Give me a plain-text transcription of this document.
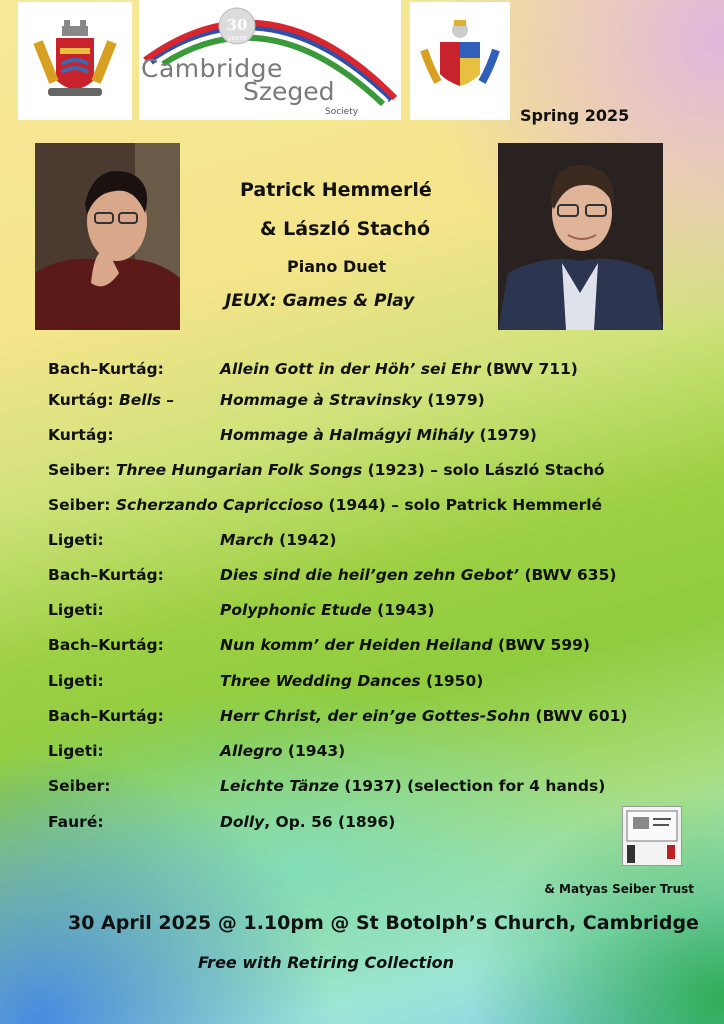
30
years
Cambridge
Szeged
Society	Spring 2025
Patrick Hemmerlé
& László Stachó
Piano Duet
JEUX: Games & Play
Bach–Kurtág:	Allein Gott in der Höh’ sei Ehr (BWV 711)
Kurtág: Bells –	Hommage à Stravinsky (1979)
Kurtág:	Hommage à Halmágyi Mihály (1979)
Seiber: Three Hungarian Folk Songs (1923) – solo László Stachó
Seiber: Scherzando Capriccioso (1944) – solo Patrick Hemmerlé
Ligeti:	March (1942)
Bach–Kurtág:	Dies sind die heil’gen zehn Gebot’ (BWV 635)
Ligeti:	Polyphonic Etude (1943)
Bach–Kurtág:	Nun komm’ der Heiden Heiland (BWV 599)
Ligeti:	Three Wedding Dances (1950)
Bach–Kurtág:	Herr Christ, der ein’ge Gottes-Sohn (BWV 601)
Ligeti:	Allegro (1943)
Seiber:	Leichte Tänze (1937) (selection for 4 hands)
Fauré:	Dolly, Op. 56 (1896)
& Matyas Seiber Trust
30 April 2025 @ 1.10pm @ St Botolph’s Church, Cambridge
Free with Retiring Collection
